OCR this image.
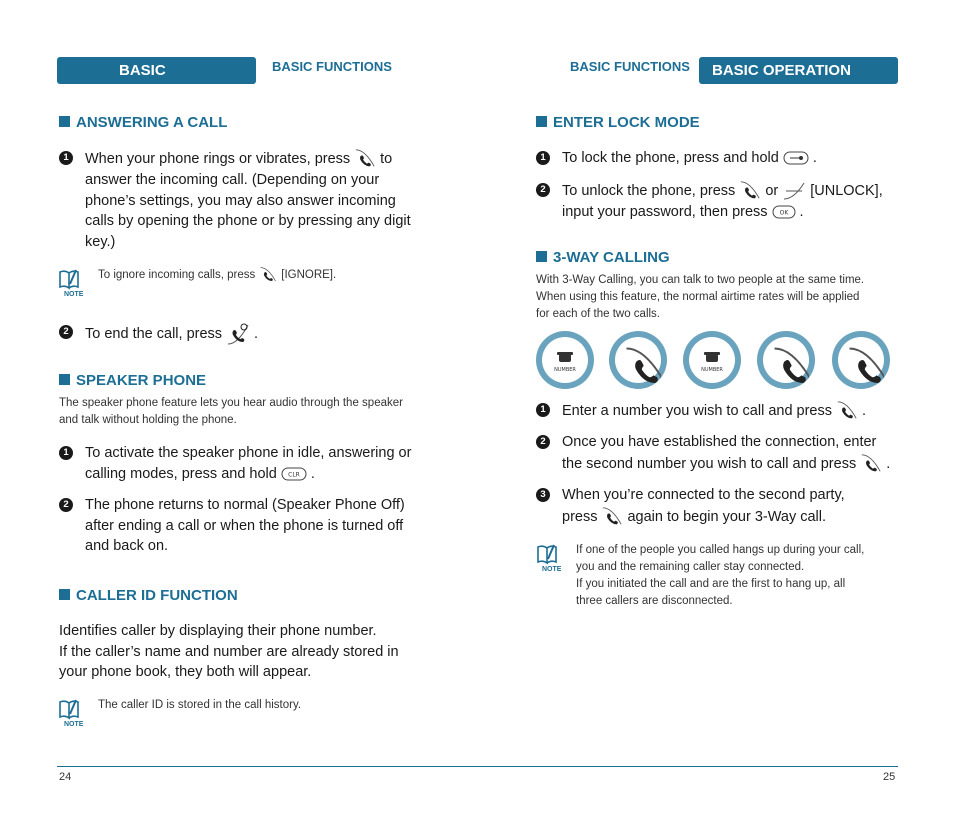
BASIC OPERATION
BASIC FUNCTIONS
ANSWERING A CALL
1	When your phone rings or vibrates, press to
answer the incoming call. (Depending on your
phone’s settings, you may also answer incoming
calls by opening the phone or by pressing any digit
key.)
NOTE
To ignore incoming calls, press [IGNORE].
2	To end the call, press .
SPEAKER PHONE
The speaker phone feature lets you hear audio through the speaker
and talk without holding the phone.
1	To activate the speaker phone in idle, answering or
calling modes, press and hold CLR .
2	The phone returns to normal (Speaker Phone Off)
after ending a call or when the phone is turned off
and back on.
CALLER ID FUNCTION
Identifies caller by displaying their phone number.
If the caller’s name and number are already stored in
your phone book, they both will appear.
NOTE
The caller ID is stored in the call history.
24
BASIC FUNCTIONS	BASIC OPERATION
ENTER LOCK MODE
1	To lock the phone, press and hold .
2	To unlock the phone, press or [UNLOCK],
input your password, then press OK .
3-WAY CALLING
With 3-Way Calling, you can talk to two people at the same time.
When using this feature, the normal airtime rates will be applied
for each of the two calls.
NUMBER	NUMBER
1	Enter a number you wish to call and press .
2	Once you have established the connection, enter
the second number you wish to call and press .
3	When you’re connected to the second party,
press again to begin your 3-Way call.
NOTE
If one of the people you called hangs up during your call,
you and the remaining caller stay connected.
If you initiated the call and are the first to hang up, all
three callers are disconnected.
25
